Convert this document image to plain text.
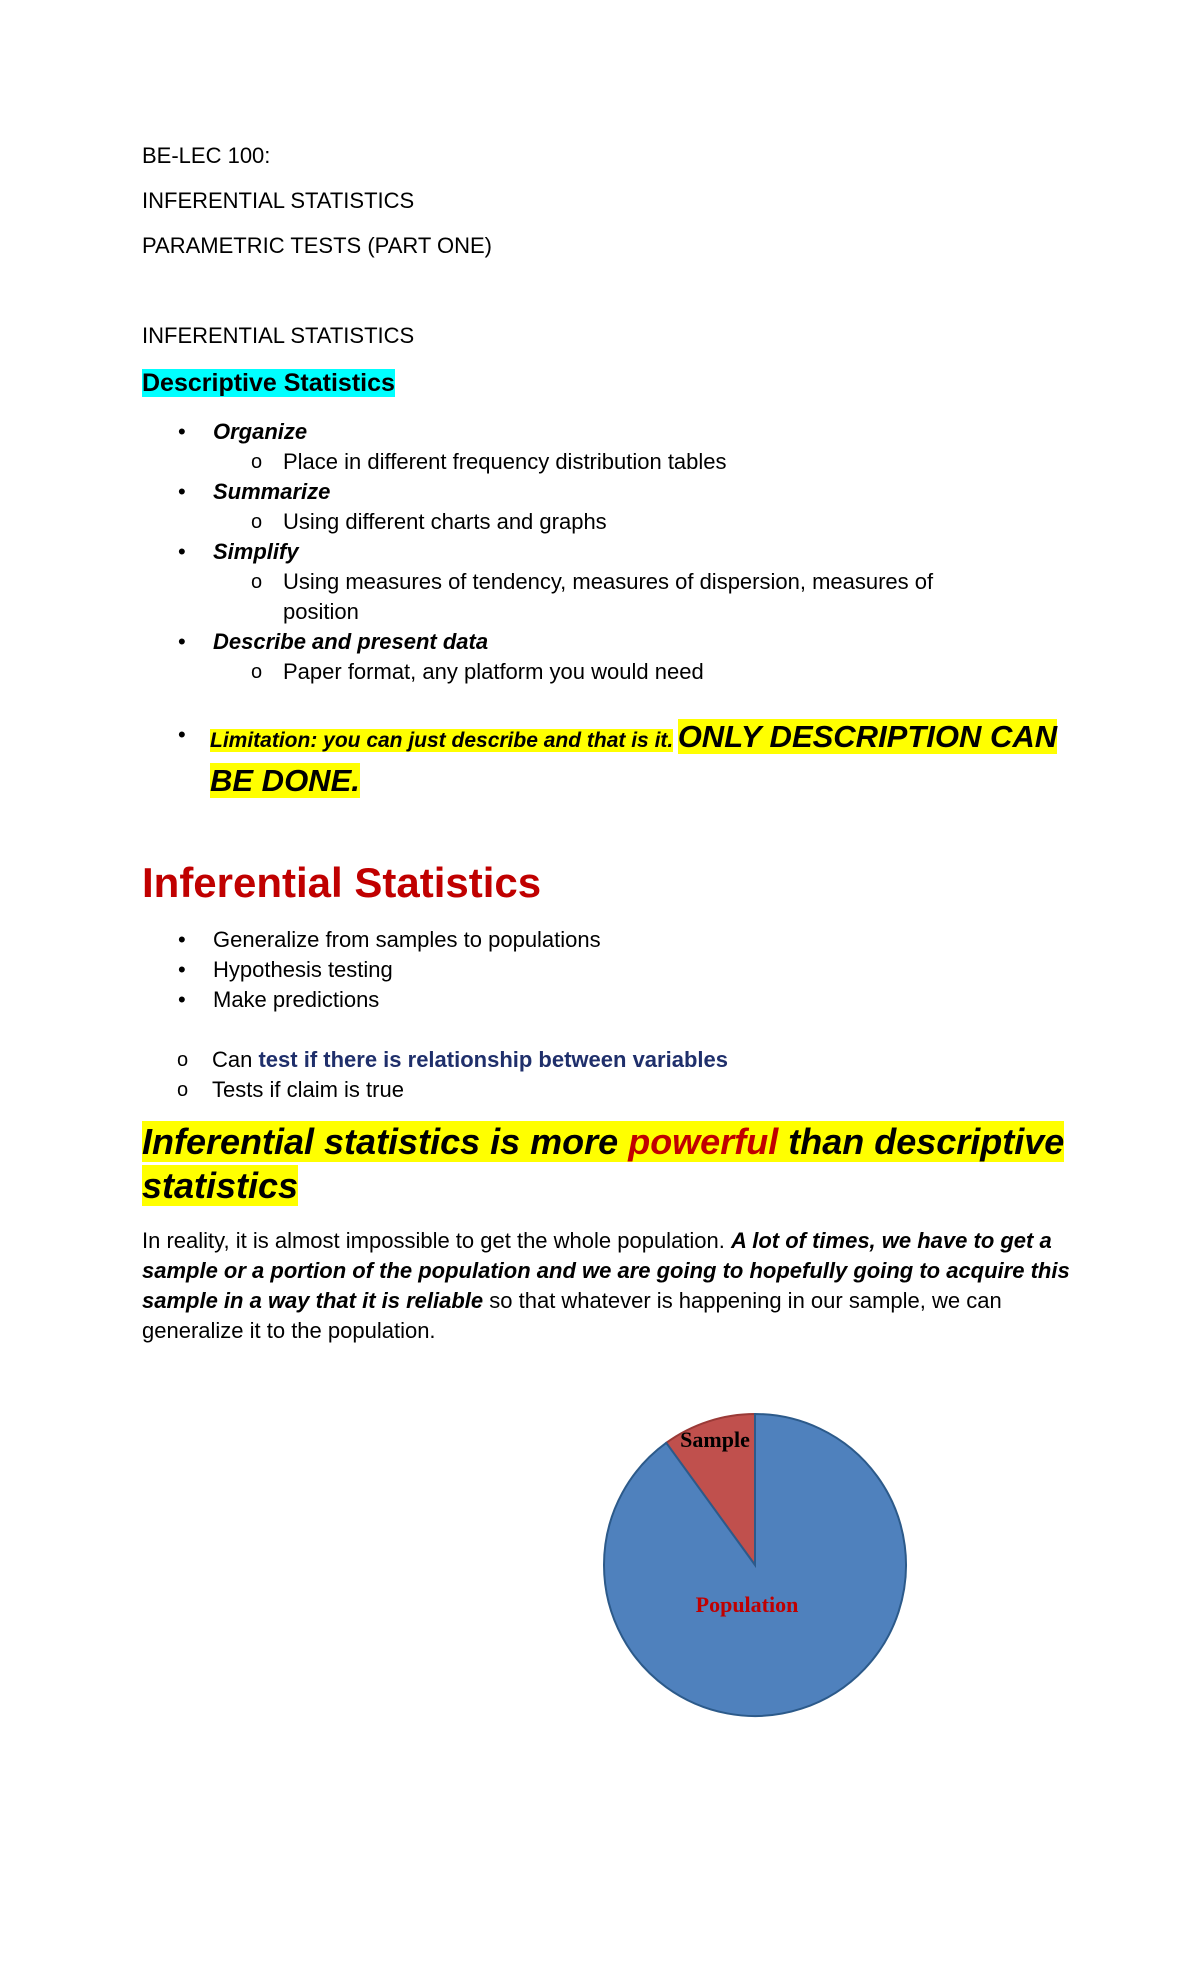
BE-LEC 100:
INFERENTIAL STATISTICS
PARAMETRIC TESTS (PART ONE)
INFERENTIAL STATISTICS
Descriptive Statistics
• Organize
o Place in different frequency distribution tables
• Summarize
o Using different charts and graphs
• Simplify
o Using measures of tendency, measures of dispersion, measures of
position
• Describe and present data
o Paper format, any platform you would need
• Limitation: you can just describe and that is it. ONLY DESCRIPTION CAN BE DONE.
Inferential Statistics
• Generalize from samples to populations
• Hypothesis testing
• Make predictions
o Can test if there is relationship between variables
o Tests if claim is true
Inferential statistics is more powerful than descriptive statistics
In reality, it is almost impossible to get the whole population. A lot of times, we have to get a sample or a portion of the population and we are going to hopefully going to acquire this sample in a way that it is reliable so that whatever is happening in our sample, we can generalize it to the population.
Sample
Population
